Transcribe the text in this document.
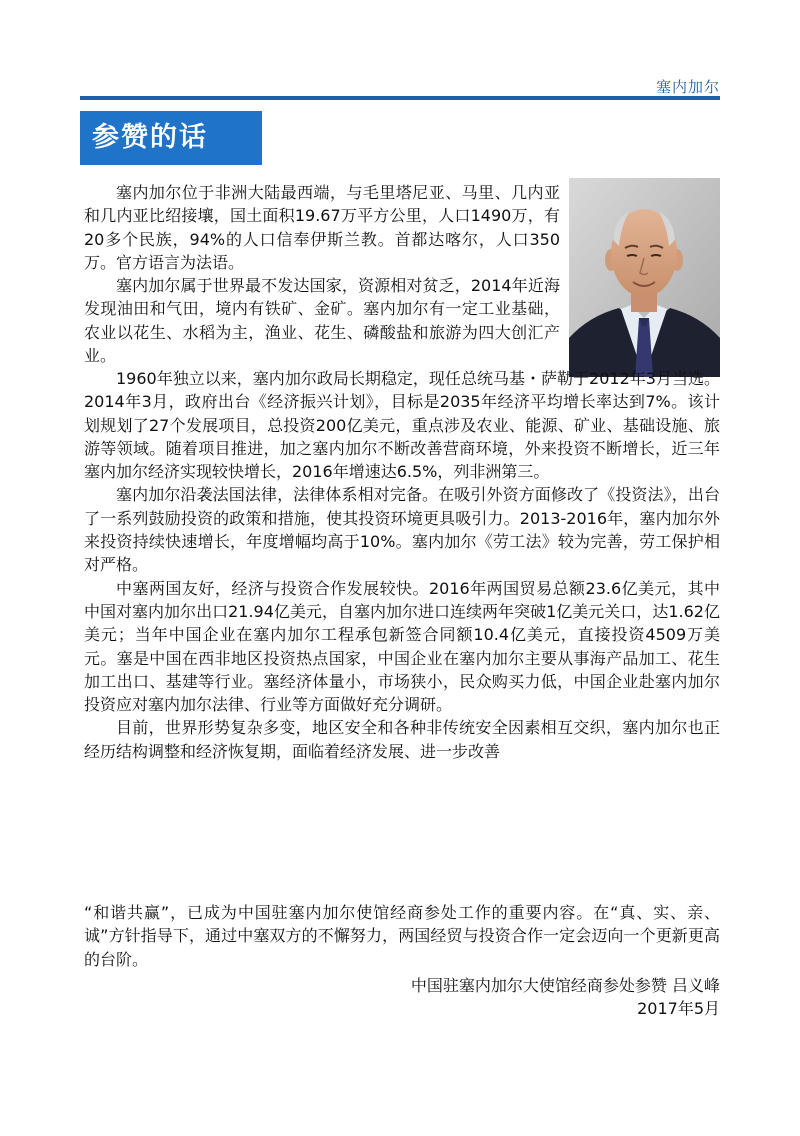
塞内加尔
参赞的话

塞内加尔位于非洲大陆最西端，与毛里塔尼亚、马里、几内亚和几内亚比绍接壤，国土面积19.67万平方公里，人口1490万，有20多个民族，94%的人口信奉伊斯兰教。首都达喀尔，人口350万。官方语言为法语。

塞内加尔属于世界最不发达国家，资源相对贫乏，2014年近海发现油田和气田，境内有铁矿、金矿。塞内加尔有一定工业基础，农业以花生、水稻为主，渔业、花生、磷酸盐和旅游为四大创汇产业。

1960年独立以来，塞内加尔政局长期稳定，现任总统马基・萨勒于2012年3月当选。2014年3月，政府出台《经济振兴计划》，目标是2035年经济平均增长率达到7%。该计划规划了27个发展项目，总投资200亿美元，重点涉及农业、能源、矿业、基础设施、旅游等领域。随着项目推进，加之塞内加尔不断改善营商环境，外来投资不断增长，近三年塞内加尔经济实现较快增长，2016年增速达6.5%，列非洲第三。

塞内加尔沿袭法国法律，法律体系相对完备。在吸引外资方面修改了《投资法》，出台了一系列鼓励投资的政策和措施，使其投资环境更具吸引力。2013-2016年，塞内加尔外来投资持续快速增长，年度增幅均高于10%。塞内加尔《劳工法》较为完善，劳工保护相对严格。

中塞两国友好，经济与投资合作发展较快。2016年两国贸易总额23.6亿美元，其中中国对塞内加尔出口21.94亿美元，自塞内加尔进口连续两年突破1亿美元关口，达1.62亿美元；当年中国企业在塞内加尔工程承包新签合同额10.4亿美元，直接投资4509万美元。塞是中国在西非地区投资热点国家，中国企业在塞内加尔主要从事海产品加工、花生加工出口、基建等行业。塞经济体量小，市场狭小，民众购买力低，中国企业赴塞内加尔投资应对塞内加尔法律、行业等方面做好充分调研。

目前，世界形势复杂多变，地区安全和各种非传统安全因素相互交织，塞内加尔也正经历结构调整和经济恢复期，面临着经济发展、进一步改善

“和谐共赢”，已成为中国驻塞内加尔使馆经商参处工作的重要内容。在“真、实、亲、诚”方针指导下，通过中塞双方的不懈努力，两国经贸与投资合作一定会迈向一个更新更高的台阶。

中国驻塞内加尔大使馆经商参处参赞 吕义峰
2017年5月
